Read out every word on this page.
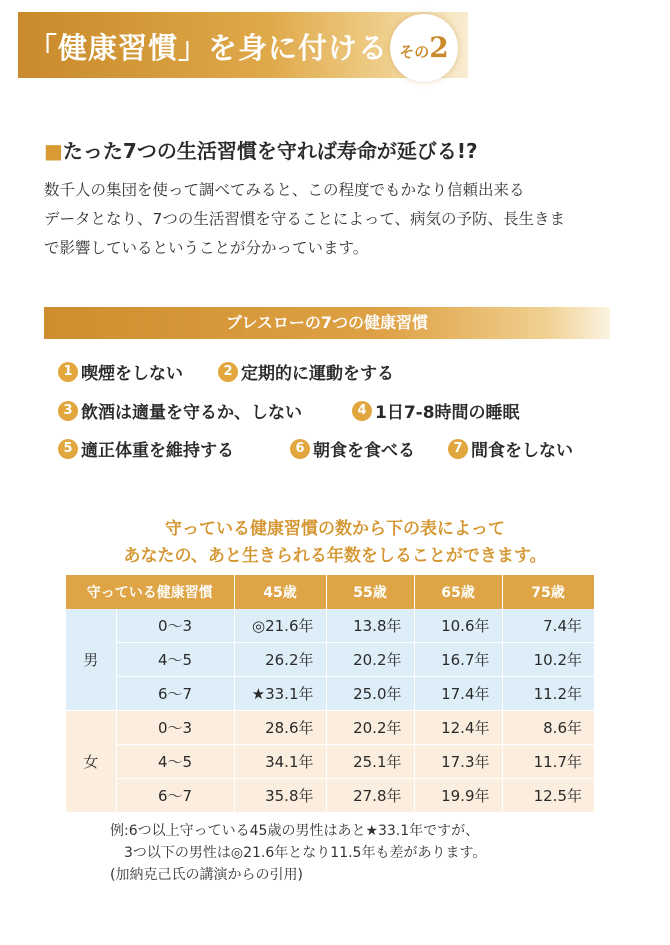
「健康習慣」を身に付ける その2
■たった7つの生活習慣を守れば寿命が延びる!?
数千人の集団を使って調べてみると、この程度でもかなり信頼出来る
データとなり、7つの生活習慣を守ることによって、病気の予防、長生きま
で影響しているということが分かっています。
ブレスローの7つの健康習慣
1 喫煙をしない	2 定期的に運動をする
3 飲酒は適量を守るか、しない	4 1日7-8時間の睡眠
5 適正体重を維持する	6 朝食を食べる	7 間食をしない
守っている健康習慣の数から下の表によって
あなたの、あと生きられる年数をしることができます。
守っている健康習慣		45歳	55歳	65歳	75歳
男	0〜3	◎21.6年	13.8年	10.6年	7.4年
	4〜5	26.2年	20.2年	16.7年	10.2年
	6〜7	★33.1年	25.0年	17.4年	11.2年
女	0〜3	28.6年	20.2年	12.4年	8.6年
	4〜5	34.1年	25.1年	17.3年	11.7年
	6〜7	35.8年	27.8年	19.9年	12.5年
例:6つ以上守っている45歳の男性はあと★33.1年ですが、
　3つ以下の男性は◎21.6年となり11.5年も差があります。
(加納克己氏の講演からの引用)
